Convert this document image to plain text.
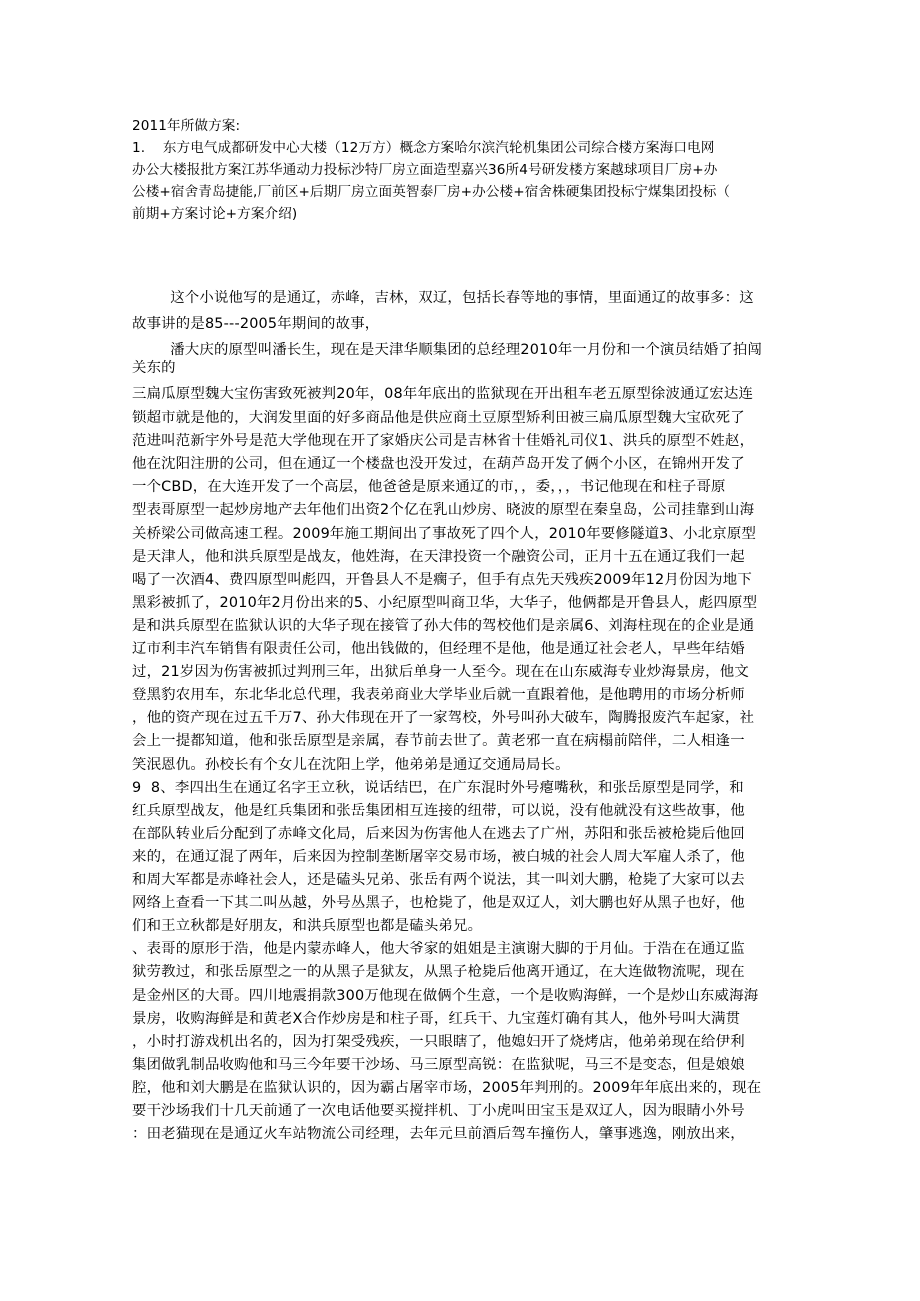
2011年所做方案:
1.    东方电气成都研发中心大楼（12万方）概念方案哈尔滨汽轮机集团公司综合楼方案海口电网
办公大楼报批方案江苏华通动力投标沙特厂房立面造型嘉兴36所4号研发楼方案越球项目厂房+办
公楼+宿舍青岛捷能,厂前区+后期厂房立面英智泰厂房+办公楼+宿舍株硬集团投标宁煤集团投标（
前期+方案讨论+方案介绍)
这个小说他写的是通辽，赤峰，吉林，双辽，包括长春等地的事情，里面通辽的故事多：这
故事讲的是85---2005年期间的故事，
潘大庆的原型叫潘长生，现在是天津华顺集团的总经理2010年一月份和一个演员结婚了拍闯
关东的
三扁瓜原型魏大宝伤害致死被判20年，08年年底出的监狱现在开出租车老五原型徐波通辽宏达连
锁超市就是他的，大润发里面的好多商品他是供应商土豆原型矫利田被三扁瓜原型魏大宝砍死了
范进叫范新宇外号是范大学他现在开了家婚庆公司是吉林省十佳婚礼司仪1、洪兵的原型不姓赵，
他在沈阳注册的公司，但在通辽一个楼盘也没开发过，在葫芦岛开发了俩个小区，在锦州开发了
一个CBD，在大连开发了一个高层，他爸爸是原来通辽的市，，委，，，书记他现在和柱子哥原
型表哥原型一起炒房地产去年他们出资2个亿在乳山炒房、晓波的原型在秦皇岛，公司挂靠到山海
关桥梁公司做高速工程。2009年施工期间出了事故死了四个人，2010年要修隧道3、小北京原型
是天津人，他和洪兵原型是战友，他姓海，在天津投资一个融资公司，正月十五在通辽我们一起
喝了一次酒4、费四原型叫彪四，开鲁县人不是瘸子，但手有点先天残疾2009年12月份因为地下
黑彩被抓了，2010年2月份出来的5、小纪原型叫商卫华，大华子，他俩都是开鲁县人，彪四原型
是和洪兵原型在监狱认识的大华子现在接管了孙大伟的驾校他们是亲属6、刘海柱现在的企业是通
辽市利丰汽车销售有限责任公司，他出钱做的，但经理不是他，他是通辽社会老人，早些年结婚
过，21岁因为伤害被抓过判刑三年，出狱后单身一人至今。现在在山东威海专业炒海景房，他文
登黑豹农用车，东北华北总代理，我表弟商业大学毕业后就一直跟着他，是他聘用的市场分析师
，他的资产现在过五千万7、孙大伟现在开了一家驾校，外号叫孙大破车，陶腾报废汽车起家，社
会上一提都知道，他和张岳原型是亲属，春节前去世了。黄老邪一直在病榻前陪伴，二人相逢一
笑泯恩仇。孙校长有个女儿在沈阳上学，他弟弟是通辽交通局局长。
9  8、李四出生在通辽名字王立秋，说话结巴，在广东混时外号瘪嘴秋，和张岳原型是同学，和
红兵原型战友，他是红兵集团和张岳集团相互连接的纽带，可以说，没有他就没有这些故事，他
在部队转业后分配到了赤峰文化局，后来因为伤害他人在逃去了广州，苏阳和张岳被枪毙后他回
来的，在通辽混了两年，后来因为控制垄断屠宰交易市场，被白城的社会人周大军雇人杀了，他
和周大军都是赤峰社会人，还是磕头兄弟、张岳有两个说法，其一叫刘大鹏，枪毙了大家可以去
网络上查看一下其二叫丛越，外号丛黑子，也枪毙了，他是双辽人，刘大鹏也好从黑子也好，他
们和王立秋都是好朋友，和洪兵原型也都是磕头弟兄。
、表哥的原形于浩，他是内蒙赤峰人，他大爷家的姐姐是主演谢大脚的于月仙。于浩在在通辽监
狱劳教过，和张岳原型之一的从黑子是狱友，从黑子枪毙后他离开通辽，在大连做物流呢，现在
是金州区的大哥。四川地震捐款300万他现在做俩个生意，一个是收购海鲜，一个是炒山东威海海
景房，收购海鲜是和黄老X合作炒房是和柱子哥，红兵干、九宝莲灯确有其人，他外号叫大满贯
，小时打游戏机出名的，因为打架受残疾，一只眼瞎了，他媳妇开了烧烤店，他弟弟现在给伊利
集团做乳制品收购他和马三今年要干沙场、马三原型高锐：在监狱呢，马三不是变态，但是娘娘
腔，他和刘大鹏是在监狱认识的，因为霸占屠宰市场，2005年判刑的。2009年年底出来的，现在
要干沙场我们十几天前通了一次电话他要买搅拌机、丁小虎叫田宝玉是双辽人，因为眼睛小外号
：田老猫现在是通辽火车站物流公司经理，去年元旦前酒后驾车撞伤人，肇事逃逸，刚放出来，
